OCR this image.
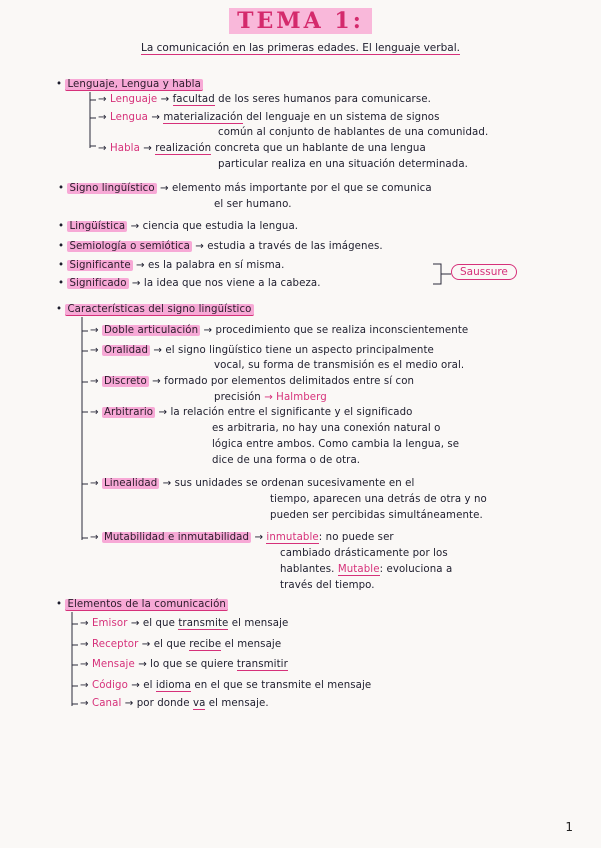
TEMA 1:
La comunicación en las primeras edades. El lenguaje verbal.
• Lenguaje, Lengua y habla
→ Lenguaje → facultad de los seres humanos para comunicarse.
→ Lengua → materialización del lenguaje en un sistema de signos
común al conjunto de hablantes de una comunidad.
→ Habla → realización concreta que un hablante de una lengua
particular realiza en una situación determinada.
• Signo lingüístico → elemento más importante por el que se comunica
el ser humano.
• Lingüística → ciencia que estudia la lengua.
• Semiología o semiótica → estudia a través de las imágenes.
• Significante → es la palabra en sí misma.
• Significado → la idea que nos viene a la cabeza.
Saussure
• Características del signo lingüístico
→ Doble articulación → procedimiento que se realiza inconscientemente
→ Oralidad → el signo lingüístico tiene un aspecto principalmente
vocal, su forma de transmisión es el medio oral.
→ Discreto → formado por elementos delimitados entre sí con
precisión → Halmberg
→ Arbitrario → la relación entre el significante y el significado
es arbitraria, no hay una conexión natural o
lógica entre ambos. Como cambia la lengua, se
dice de una forma o de otra.
→ Linealidad → sus unidades se ordenan sucesivamente en el
tiempo, aparecen una detrás de otra y no
pueden ser percibidas simultáneamente.
→ Mutabilidad e inmutabilidad → inmutable: no puede ser
cambiado drásticamente por los
hablantes. Mutable: evoluciona a
través del tiempo.
• Elementos de la comunicación
→ Emisor → el que transmite el mensaje
→ Receptor → el que recibe el mensaje
→ Mensaje → lo que se quiere transmitir
→ Código → el idioma en el que se transmite el mensaje
→ Canal → por donde va el mensaje.
1
